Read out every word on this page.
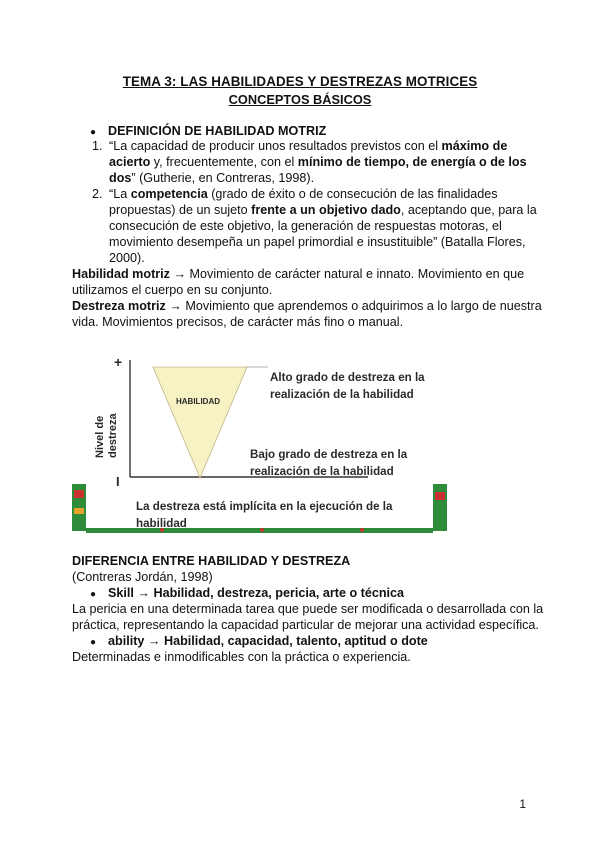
TEMA 3: LAS HABILIDADES Y DESTREZAS MOTRICES
CONCEPTOS BÁSICOS
● DEFINICIÓN DE HABILIDAD MOTRIZ
1. “La capacidad de producir unos resultados previstos con el máximo de
acierto y, frecuentemente, con el mínimo de tiempo, de energía o de los
dos” (Gutherie, en Contreras, 1998).
2. “La competencia (grado de éxito o de consecución de las finalidades
propuestas) de un sujeto frente a un objetivo dado, aceptando que, para la
consecución de este objetivo, la generación de respuestas motoras, el
movimiento desempeña un papel primordial e insustituible” (Batalla Flores,
2000).
Habilidad motriz → Movimiento de carácter natural e innato. Movimiento en que
utilizamos el cuerpo en su conjunto.
Destreza motriz → Movimiento que aprendemos o adquirimos a lo largo de nuestra
vida. Movimientos precisos, de carácter más fino o manual.
+
I
Nivel de destreza
HABILIDAD
Alto grado de destreza en la
realización de la habilidad
Bajo grado de destreza en la
realización de la habilidad
La destreza está implícita en la ejecución de la
habilidad
DIFERENCIA ENTRE HABILIDAD Y DESTREZA
(Contreras Jordán, 1998)
● Skill → Habilidad, destreza, pericia, arte o técnica
La pericia en una determinada tarea que puede ser modificada o desarrollada con la
práctica, representando la capacidad particular de mejorar una actividad específica.
● ability → Habilidad, capacidad, talento, aptitud o dote
Determinadas e inmodificables con la práctica o experiencia.
1
